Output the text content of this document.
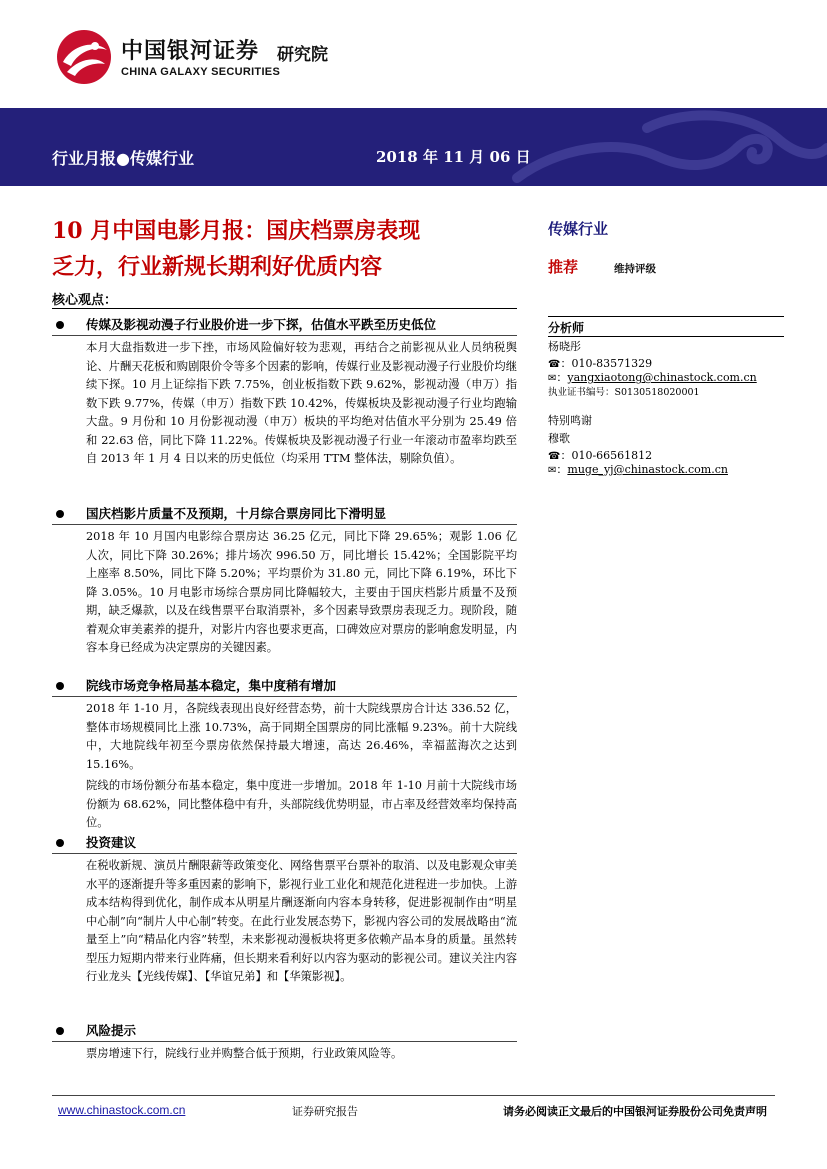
中国银河证券
CHINA GALAXY SECURITIES
研究院
行业月报●传媒行业	2018 年 11 月 06 日
10 月中国电影月报：国庆档票房表现
乏力，行业新规长期利好优质内容
核心观点：
传媒行业
推荐	维持评级
分析师
杨晓彤
☎：010-83571329
✉：yangxiaotong@chinastock.com.cn
执业证书编号：S0130518020001
特别鸣谢
穆歌
☎：010-66561812
✉：muge_yj@chinastock.com.cn
传媒及影视动漫子行业股价进一步下探，估值水平跌至历史低位
本月大盘指数进一步下挫，市场风险偏好较为悲观，再结合之前影视从业人员纳税舆论、片酬天花板和购剧限价令等多个因素的影响，传媒行业及影视动漫子行业股价均继续下探。10 月上证综指下跌 7.75%，创业板指数下跌 9.62%，影视动漫（申万）指数下跌 9.77%，传媒（申万）指数下跌 10.42%，传媒板块及影视动漫子行业均跑输大盘。9 月份和 10 月份影视动漫（申万）板块的平均绝对估值水平分别为 25.49 倍和 22.63 倍，同比下降 11.22%。传媒板块及影视动漫子行业一年滚动市盈率均跌至自 2013 年 1 月 4 日以来的历史低位（均采用 TTM 整体法，剔除负值）。
国庆档影片质量不及预期，十月综合票房同比下滑明显
2018 年 10 月国内电影综合票房达 36.25 亿元，同比下降 29.65%；观影 1.06 亿人次，同比下降 30.26%；排片场次 996.50 万，同比增长 15.42%；全国影院平均上座率 8.50%，同比下降 5.20%；平均票价为 31.80 元，同比下降 6.19%，环比下降 3.05%。10 月电影市场综合票房同比降幅较大，主要由于国庆档影片质量不及预期，缺乏爆款，以及在线售票平台取消票补，多个因素导致票房表现乏力。现阶段，随着观众审美素养的提升，对影片内容也要求更高，口碑效应对票房的影响愈发明显，内容本身已经成为决定票房的关键因素。
院线市场竞争格局基本稳定，集中度稍有增加
2018 年 1-10 月，各院线表现出良好经营态势，前十大院线票房合计达 336.52 亿，整体市场规模同比上涨 10.73%，高于同期全国票房的同比涨幅 9.23%。前十大院线中，大地院线年初至今票房依然保持最大增速，高达 26.46%，幸福蓝海次之达到 15.16%。
院线的市场份额分布基本稳定，集中度进一步增加。2018 年 1-10 月前十大院线市场份额为 68.62%，同比整体稳中有升，头部院线优势明显，市占率及经营效率均保持高位。
投资建议
在税收新规、演员片酬限薪等政策变化、网络售票平台票补的取消、以及电影观众审美水平的逐渐提升等多重因素的影响下，影视行业工业化和规范化进程进一步加快。上游成本结构得到优化，制作成本从明星片酬逐渐向内容本身转移，促进影视制作由“明星中心制”向“制片人中心制”转变。在此行业发展态势下，影视内容公司的发展战略由“流量至上”向“精品化内容”转型，未来影视动漫板块将更多依赖产品本身的质量。虽然转型压力短期内带来行业阵痛，但长期来看利好以内容为驱动的影视公司。建议关注内容行业龙头【光线传媒】、【华谊兄弟】和【华策影视】。
风险提示
票房增速下行，院线行业并购整合低于预期，行业政策风险等。
www.chinastock.com.cn	证券研究报告	请务必阅读正文最后的中国银河证券股份公司免责声明
